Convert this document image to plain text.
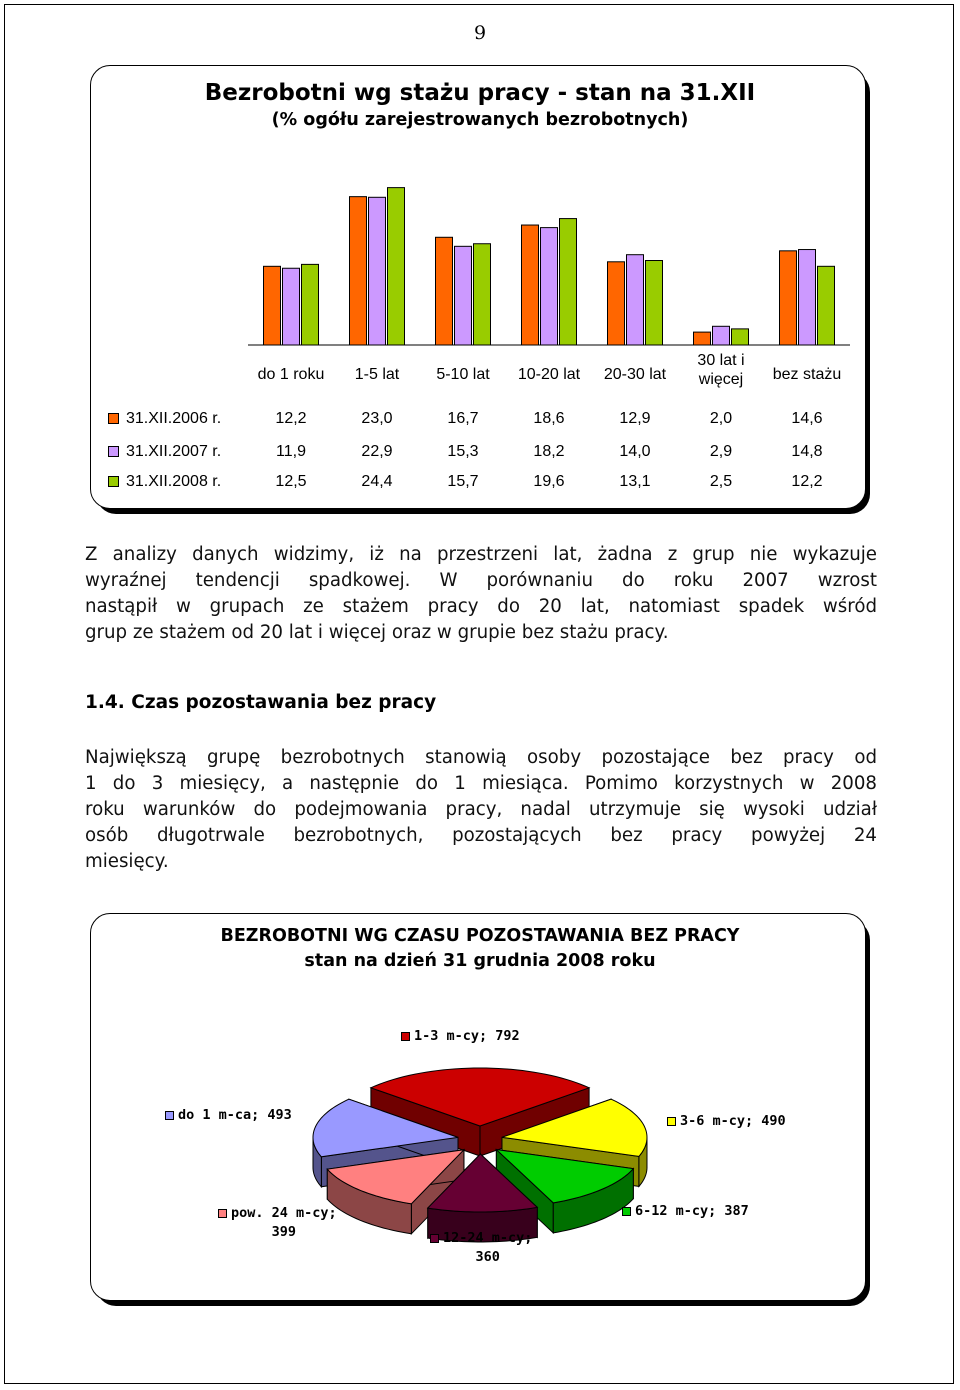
9
Bezrobotni wg stażu pracy - stan na 31.XII
(% ogółu zarejestrowanych bezrobotnych)
do 1 roku	1-5 lat	5-10 lat	10-20 lat	20-30 lat
30 lat i
więcej	bez stażu
31.XII.2006 r.	12,2	23,0	16,7	18,6	12,9	2,0	14,6
31.XII.2007 r.	11,9	22,9	15,3	18,2	14,0	2,9	14,8
31.XII.2008 r.	12,5	24,4	15,7	19,6	13,1	2,5	12,2
Z analizy danych widzimy, iż na przestrzeni lat, żadna z grup nie wykazuje
wyraźnej tendencji spadkowej. W porównaniu do roku 2007 wzrost
nastąpił w grupach ze stażem pracy do 20 lat, natomiast spadek wśród
grup ze stażem od 20 lat i więcej oraz w grupie bez stażu pracy.
1.4. Czas pozostawania bez pracy
Największą grupę bezrobotnych stanowią osoby pozostające bez pracy od
1 do 3 miesięcy, a następnie do 1 miesiąca. Pomimo korzystnych w 2008
roku warunków do podejmowania pracy, nadal utrzymuje się wysoki udział
osób długotrwale bezrobotnych, pozostających bez pracy powyżej 24
miesięcy.
BEZROBOTNI WG CZASU POZOSTAWANIA BEZ PRACY
stan na dzień 31 grudnia 2008 roku
1-3 m-cy; 792
3-6 m-cy; 490
6-12 m-cy; 387
12-24 m-cy;
360
pow. 24 m-cy;
399
do 1 m-ca; 493
